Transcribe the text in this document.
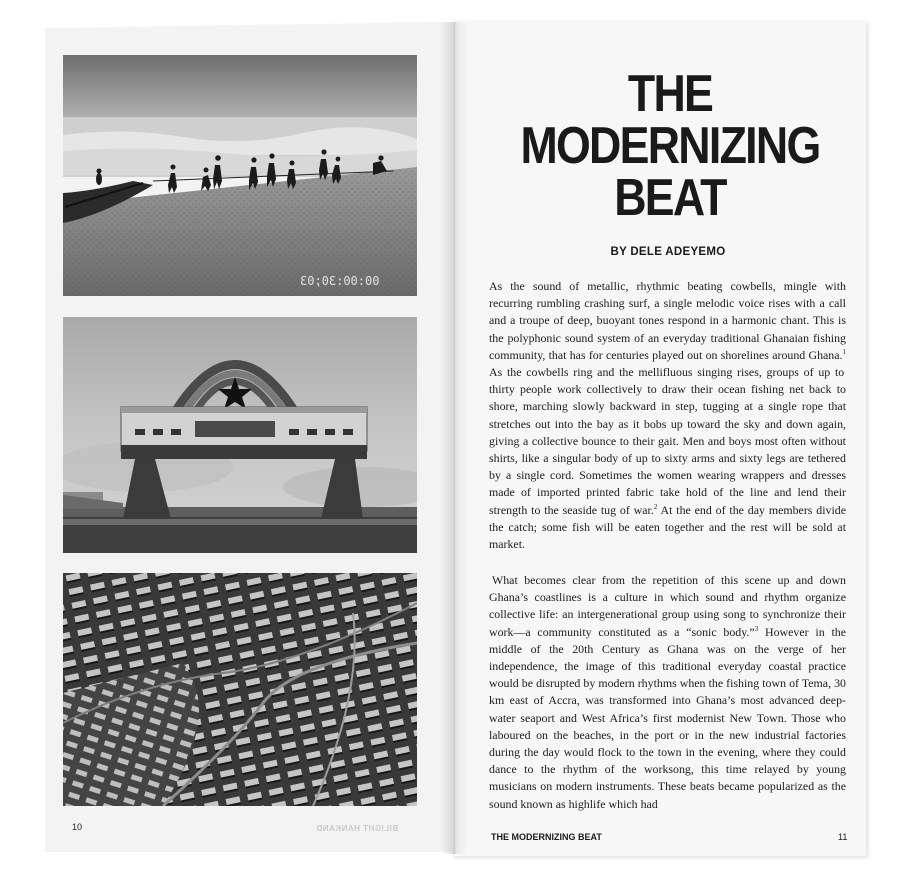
00:00:30;03
10	BILIGHT HANKAND
THE
MODERNIZING
BEAT
BY DELE ADEYEMO

As the sound of metallic, rhythmic beating cowbells, mingle with recurring rumbling crashing surf, a single melodic voice rises with a call and a troupe of deep, buoyant tones respond in a harmonic chant. This is the polyphonic sound system of an everyday traditional Ghanaian fishing community, that has for centuries played out on shorelines around Ghana.$^1$ As the cowbells ring and the mellifluous singing rises, groups of up to thirty people work collectively to draw their ocean fishing net back to shore, marching slowly backward in step, tugging at a single rope that stretches out into the bay as it bobs up toward the sky and down again, giving a collective bounce to their gait. Men and boys most often without shirts, like a singular body of up to sixty arms and sixty legs are tethered by a single cord. Sometimes the women wearing wrappers and dresses made of imported printed fabric take hold of the line and lend their strength to the seaside tug of war.$^2$ At the end of the day members divide the catch; some fish will be eaten together and the rest will be sold at market.

What becomes clear from the repetition of this scene up and down Ghana’s coastlines is a culture in which sound and rhythm organize collective life: an intergenerational group using song to synchronize their work—a community constituted as a “sonic body.”$^3$ However in the middle of the 20th Century as Ghana was on the verge of her independence, the image of this traditional everyday coastal practice would be disrupted by modern rhythms when the fishing town of Tema, 30 km east of Accra, was transformed into Ghana’s most advanced deep-water seaport and West Africa’s first modernist New Town. Those who laboured on the beaches, in the port or in the new industrial factories during the day would flock to the town in the evening, where they could dance to the rhythm of the worksong, this time relayed by young musicians on modern instruments. These beats became popularized as the sound known as highlife which had

THE MODERNIZING BEAT	11
